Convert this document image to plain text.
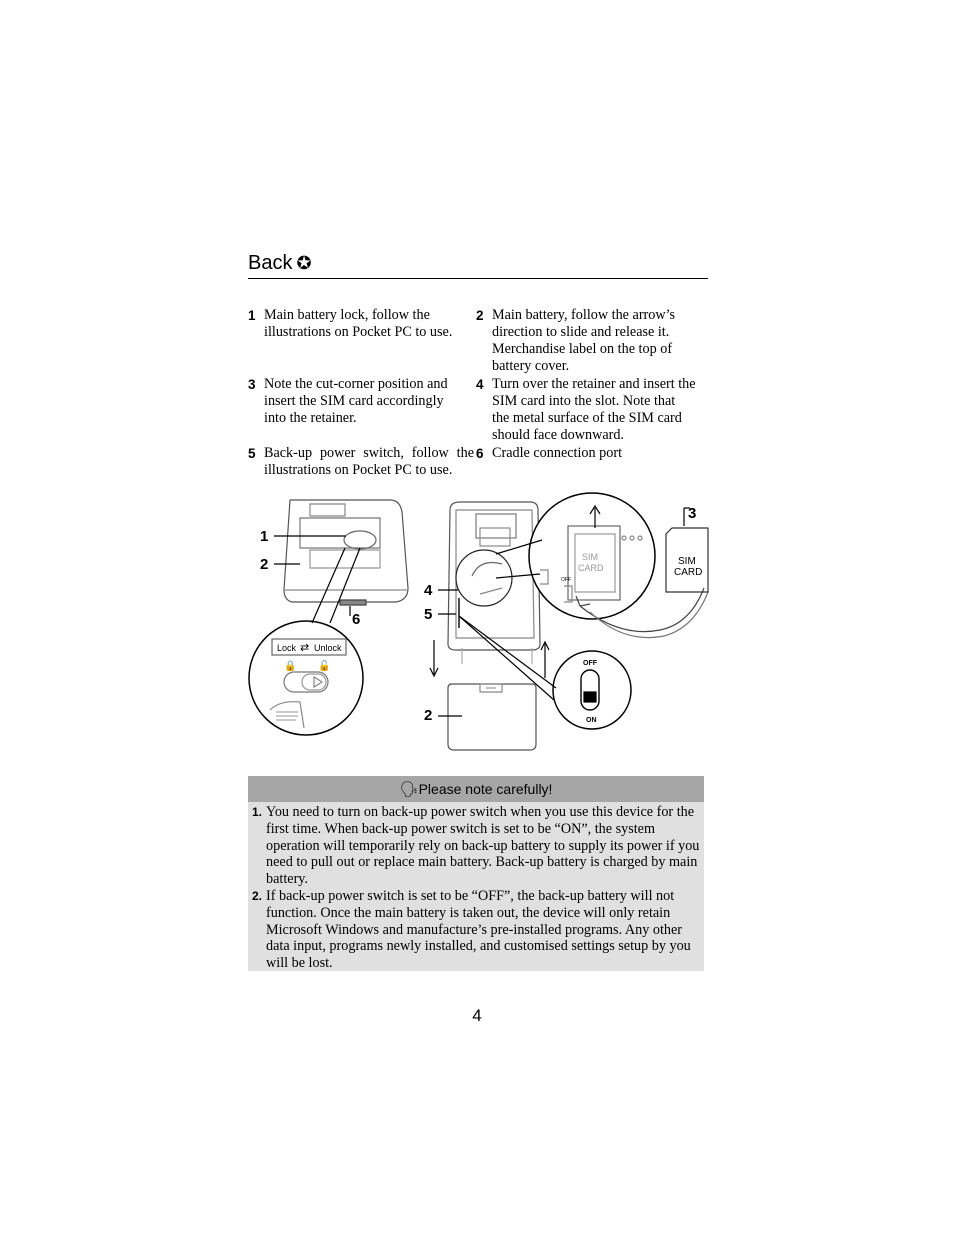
Back ✪
1 Main battery lock, follow the illustrations on Pocket PC to use.
2 Main battery, follow the arrow’s direction to slide and release it. Merchandise label on the top of battery cover.
3 Note the cut-corner position and insert the SIM card accordingly into the retainer.
4 Turn over the retainer and insert the SIM card into the slot. Note that the metal surface of the SIM card should face downward.
5 Back-up power switch, follow the illustrations on Pocket PC to use.
6 Cradle connection port
1
2
6
4
5
2
3
Lock ⇄ Unlock
🔒 🔓
SIM
CARD
OFF
SIM
CARD
OFF
ON
🗣Please note carefully!
1. You need to turn on back-up power switch when you use this device for the first time. When back-up power switch is set to be “ON”, the system operation will temporarily rely on back-up battery to supply its power if you need to pull out or replace main battery. Back-up battery is charged by main battery.
2. If back-up power switch is set to be “OFF”, the back-up battery will not function. Once the main battery is taken out, the device will only retain Microsoft Windows and manufacture’s pre-installed programs. Any other data input, programs newly installed, and customised settings setup by you will be lost.
4
